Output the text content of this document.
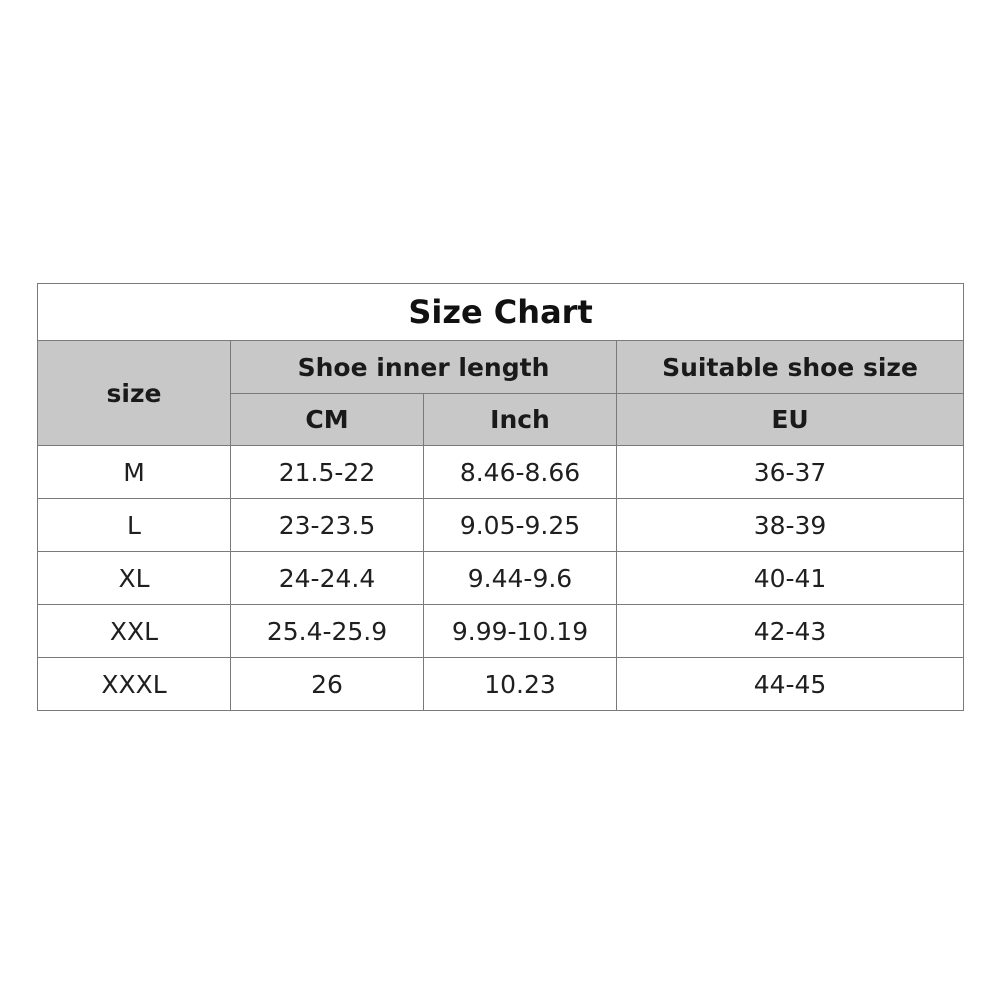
Size Chart			
size	Shoe inner length		Suitable shoe size
	CM	Inch	EU
M	21.5-22	8.46-8.66	36-37
L	23-23.5	9.05-9.25	38-39
XL	24-24.4	9.44-9.6	40-41
XXL	25.4-25.9	9.99-10.19	42-43
XXXL	26	10.23	44-45
